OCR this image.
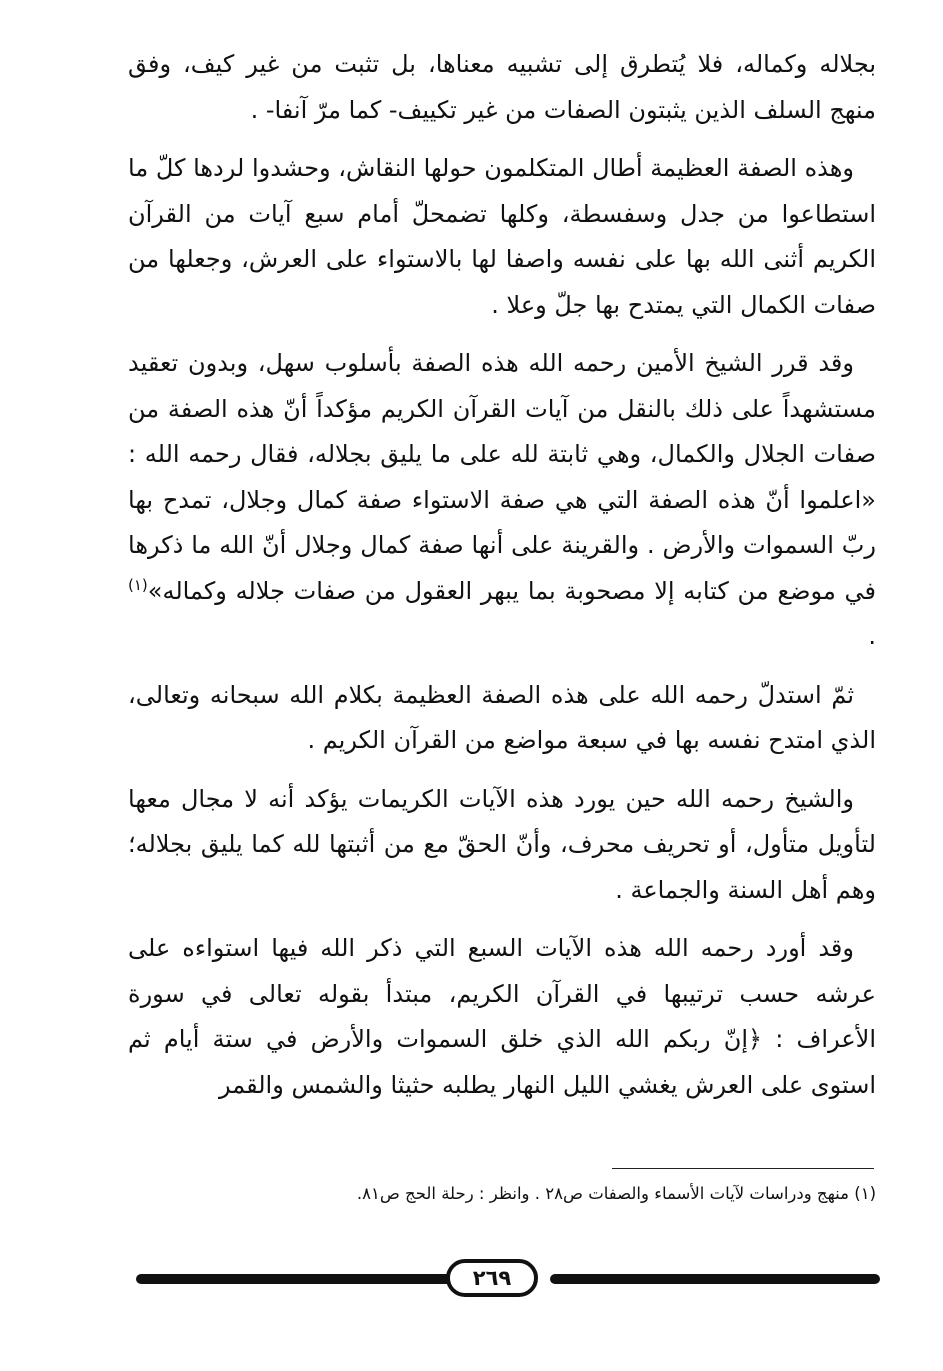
بجلاله وكماله، فلا يُتطرق إلى تشبيه معناها، بل تثبت من غير كيف، وفق منهج السلف الذين يثبتون الصفات من غير تكييف- كما مرّ آنفا- .

وهذه الصفة العظيمة أطال المتكلمون حولها النقاش، وحشدوا لردها كلّ ما استطاعوا من جدل وسفسطة، وكلها تضمحلّ أمام سبع آيات من القرآن الكريم أثنى الله بها على نفسه واصفا لها بالاستواء على العرش، وجعلها من صفات الكمال التي يمتدح بها جلّ وعلا .

وقد قرر الشيخ الأمين رحمه الله هذه الصفة بأسلوب سهل، وبدون تعقيد مستشهداً على ذلك بالنقل من آيات القرآن الكريم مؤكداً أنّ هذه الصفة من صفات الجلال والكمال، وهي ثابتة لله على ما يليق بجلاله، فقال رحمه الله : «اعلموا أنّ هذه الصفة التي هي صفة الاستواء صفة كمال وجلال، تمدح بها ربّ السموات والأرض . والقرينة على أنها صفة كمال وجلال أنّ الله ما ذكرها في موضع من كتابه إلا مصحوبة بما يبهر العقول من صفات جلاله وكماله»$^{(١)}$ .

ثمّ استدلّ رحمه الله على هذه الصفة العظيمة بكلام الله سبحانه وتعالى، الذي امتدح نفسه بها في سبعة مواضع من القرآن الكريم .

والشيخ رحمه الله حين يورد هذه الآيات الكريمات يؤكد أنه لا مجال معها لتأويل متأول، أو تحريف محرف، وأنّ الحقّ مع من أثبتها لله كما يليق بجلاله؛ وهم أهل السنة والجماعة .

وقد أورد رحمه الله هذه الآيات السبع التي ذكر الله فيها استواءه على عرشه حسب ترتيبها في القرآن الكريم، مبتدأ بقوله تعالى في سورة الأعراف : ﴿إنّ ربكم الله الذي خلق السموات والأرض في ستة أيام ثم استوى على العرش يغشي الليل النهار يطلبه حثيثا والشمس والقمر

(١) منهج ودراسات لآيات الأسماء والصفات ص٢٨ . وانظر : رحلة الحج ص٨١.
٢٦٩
